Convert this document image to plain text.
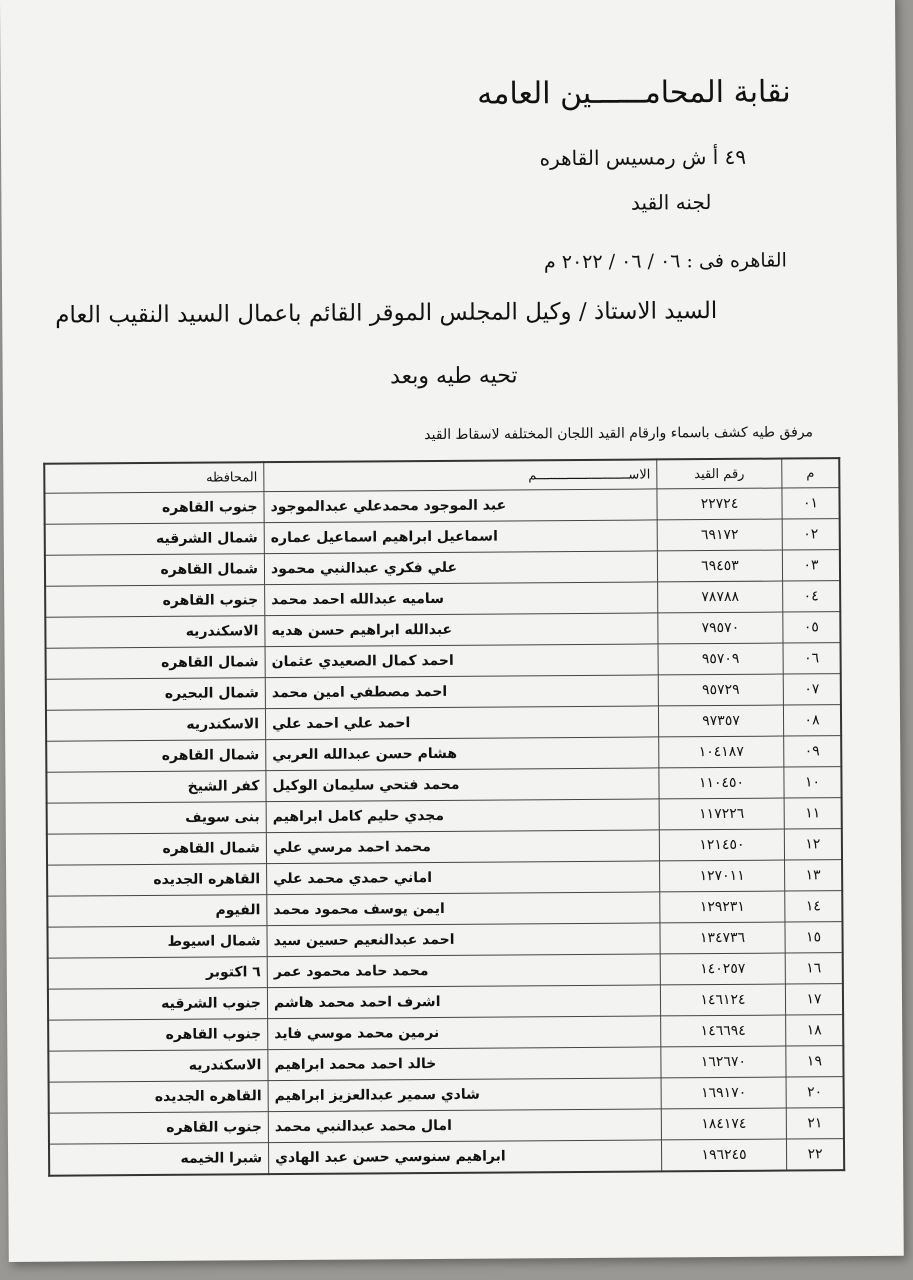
نقابة المحامــــــين العامه
٤٩ أ ش رمسيس القاهره
لجنه القيد
القاهره فى : ٠٦ / ٠٦ / ٢٠٢٢ م
السيد الاستاذ / وكيل المجلس الموقر القائم باعمال السيد النقيب العام
تحيه طيه وبعد
مرفق طيه كشف باسماء وارقام القيد اللجان المختلفه لاسقاط القيد
م	رقم القيد	الاســــــــــــــــــــــــم	المحافظه
٠١	٢٢٧٢٤	عبد الموجود محمدعلي عبدالموجود	جنوب القاهره
٠٢	٦٩١٧٢	اسماعيل ابراهيم اسماعيل عماره	شمال الشرقيه
٠٣	٦٩٤٥٣	علي فكري عبدالنبي محمود	شمال القاهره
٠٤	٧٨٧٨٨	ساميه عبدالله احمد محمد	جنوب القاهره
٠٥	٧٩٥٧٠	عبدالله ابراهيم حسن هديه	الاسكندريه
٠٦	٩٥٧٠٩	احمد كمال الصعيدي عثمان	شمال القاهره
٠٧	٩٥٧٢٩	احمد مصطفي امين محمد	شمال البحيره
٠٨	٩٧٣٥٧	احمد علي احمد علي	الاسكندريه
٠٩	١٠٤١٨٧	هشام حسن عبدالله العربي	شمال القاهره
١٠	١١٠٤٥٠	محمد فتحي سليمان الوكيل	كفر الشيخ
١١	١١٧٢٢٦	مجدي حليم كامل ابراهيم	بنى سويف
١٢	١٢١٤٥٠	محمد احمد مرسي علي	شمال القاهره
١٣	١٢٧٠١١	اماني حمدي محمد علي	القاهره الجديده
١٤	١٢٩٢٣١	ايمن يوسف محمود محمد	الفيوم
١٥	١٣٤٧٣٦	احمد عبدالنعيم حسين سيد	شمال اسيوط
١٦	١٤٠٢٥٧	محمد حامد محمود عمر	٦ اكتوبر
١٧	١٤٦١٢٤	اشرف احمد محمد هاشم	جنوب الشرقيه
١٨	١٤٦٦٩٤	نرمين محمد موسي فايد	جنوب القاهره
١٩	١٦٢٦٧٠	خالد احمد محمد ابراهيم	الاسكندريه
٢٠	١٦٩١٧٠	شادي سمير عبدالعزيز ابراهيم	القاهره الجديده
٢١	١٨٤١٧٤	امال محمد عبدالنبي محمد	جنوب القاهره
٢٢	١٩٦٢٤٥	ابراهيم سنوسي حسن عبد الهادي	شبرا الخيمه
